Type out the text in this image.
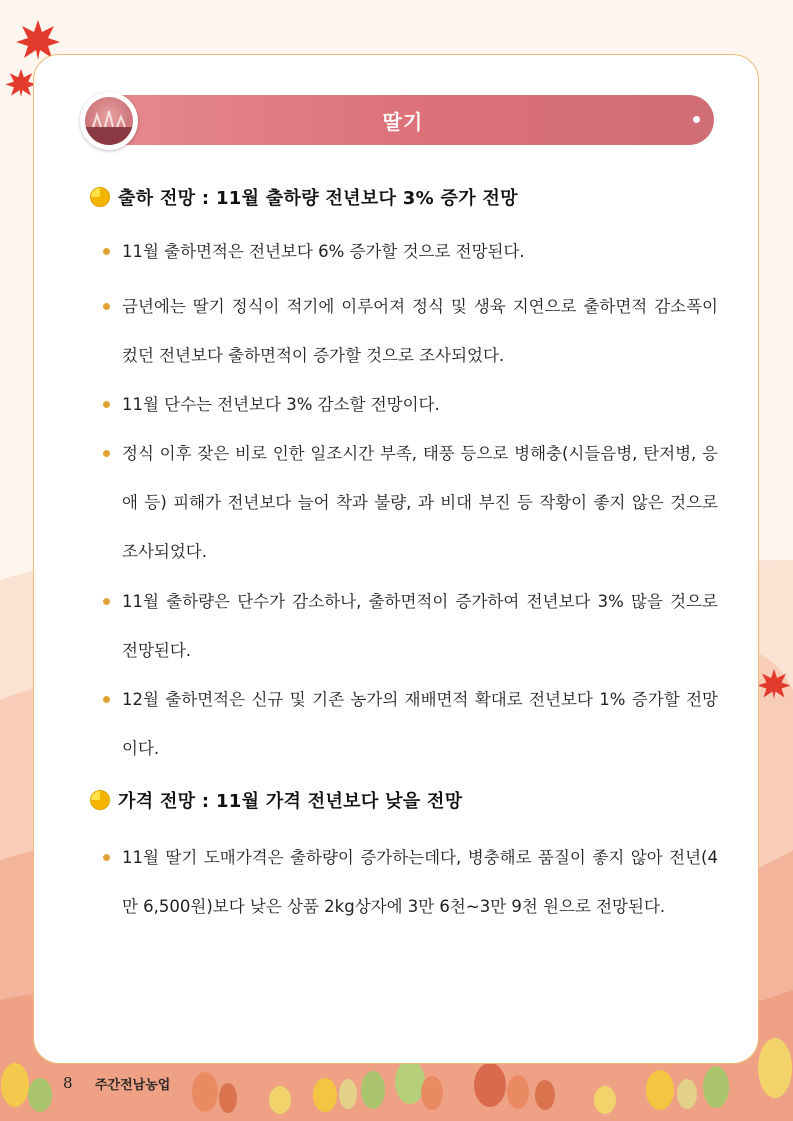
딸기
출하 전망 : 11월 출하량 전년보다 3% 증가 전망
11월 출하면적은 전년보다 6% 증가할 것으로 전망된다.
금년에는 딸기 정식이 적기에 이루어져 정식 및 생육 지연으로 출하면적 감소폭이 컸던 전년보다 출하면적이 증가할 것으로 조사되었다.
11월 단수는 전년보다 3% 감소할 전망이다.
정식 이후 잦은 비로 인한 일조시간 부족, 태풍 등으로 병해충(시들음병, 탄저병, 응애 등) 피해가 전년보다 늘어 착과 불량, 과 비대 부진 등 작황이 좋지 않은 것으로 조사되었다.
11월 출하량은 단수가 감소하나, 출하면적이 증가하여 전년보다 3% 많을 것으로 전망된다.
12월 출하면적은 신규 및 기존 농가의 재배면적 확대로 전년보다 1% 증가할 전망이다.
가격 전망 : 11월 가격 전년보다 낮을 전망
11월 딸기 도매가격은 출하량이 증가하는데다, 병충해로 품질이 좋지 않아 전년(4만 6,500원)보다 낮은 상품 2kg상자에 3만 6천~3만 9천 원으로 전망된다.
8 주간전남농업
